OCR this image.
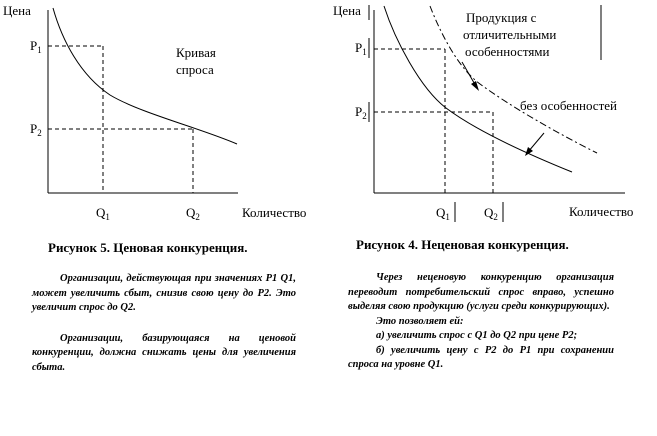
Цена
$P_1$
$P_2$
$Q_1$	$Q_2$	Количество
Кривая
спроса
Цена
$P_1$
$P_2$
$Q_1$	$Q_2$	Количество
Продукция с
отличительными
особенностями
без особенностей
Рисунок 5. Ценовая конкуренция.	Рисунок 4. Неценовая конкуренция.

Организации, действующая при значениях P1 Q1, может увеличить сбыт, снизив свою цену до P2. Это увеличит спрос до Q2.

Организации, базирующаяся на ценовой конкуренции, должна снижать цены для увеличения сбыта.

Через неценовую конкуренцию организация переводит потребительский спрос вправо, успешно выделяя свою продукцию (услуги среди конкурирующих).

Это позволяет ей:

а) увеличить спрос с Q1 до Q2 при цене P2;

б) увеличить цену с P2 до P1 при сохранении спроса на уровне Q1.
